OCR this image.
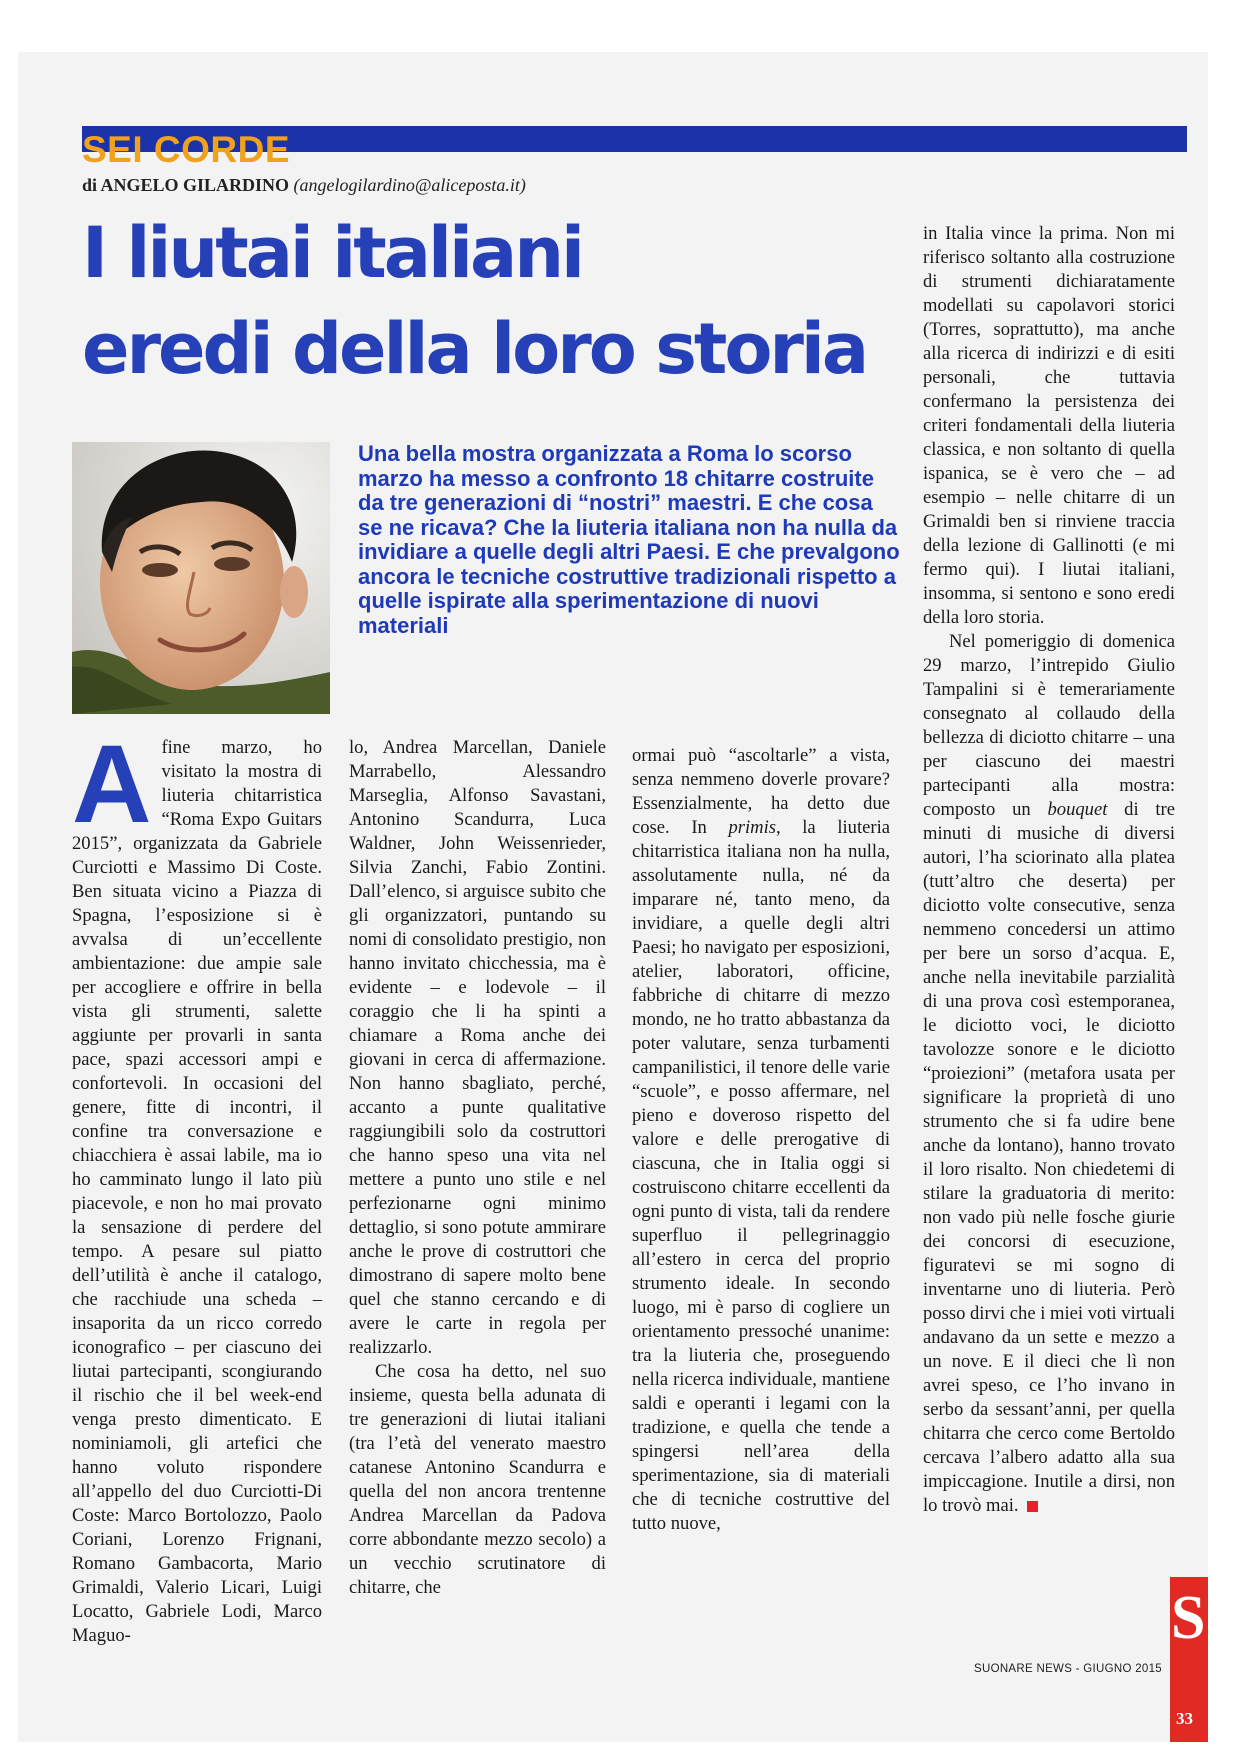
SEI CORDE
di ANGELO GILARDINO (angelogilardino@aliceposta.it)
I liutai italiani
eredi della loro storia
Una bella mostra organizzata a Roma lo scorso marzo ha messo a confronto 18 chitarre costruite da tre generazioni di “nostri” maestri. E che cosa se ne ricava? Che la liuteria italiana non ha nulla da invidiare a quelle degli altri Paesi. E che prevalgono ancora le tecniche costruttive tradizionali rispetto a quelle ispirate alla sperimentazione di nuovi materiali
A fine marzo, ho visitato la mostra di liuteria chitarristica “Roma Expo Guitars 2015”, organizzata da Gabriele Curciotti e Massimo Di Coste. Ben situata vicino a Piazza di Spagna, l’esposizione si è avvalsa di un’eccellente ambientazione: due ampie sale per accogliere e offrire in bella vista gli strumenti, salette aggiunte per provarli in santa pace, spazi accessori ampi e confortevoli. In occasioni del genere, fitte di incontri, il confine tra conversazione e chiacchiera è assai labile, ma io ho camminato lungo il lato più piacevole, e non ho mai provato la sensazione di perdere del tempo. A pesare sul piatto dell’utilità è anche il catalogo, che racchiude una scheda – insaporita da un ricco corredo iconografico – per ciascuno dei liutai partecipanti, scongiurando il rischio che il bel week-end venga presto dimenticato. E nominiamoli, gli artefici che hanno voluto rispondere all’appello del duo Curciotti-Di Coste: Marco Bortolozzo, Paolo Coriani, Lorenzo Frignani, Romano Gambacorta, Mario Grimaldi, Valerio Licari, Luigi Locatto, Gabriele Lodi, Marco Maguo-

lo, Andrea Marcellan, Daniele Marrabello, Alessandro Marseglia, Alfonso Savastani, Antonino Scandurra, Luca Waldner, John Weissenrieder, Silvia Zanchi, Fabio Zontini. Dall’elenco, si arguisce subito che gli organizzatori, puntando su nomi di consolidato prestigio, non hanno invitato chicchessia, ma è evidente – e lodevole – il coraggio che li ha spinti a chiamare a Roma anche dei giovani in cerca di affermazione. Non hanno sbagliato, perché, accanto a punte qualitative raggiungibili solo da costruttori che hanno speso una vita nel mettere a punto uno stile e nel perfezionarne ogni minimo dettaglio, si sono potute ammirare anche le prove di costruttori che dimostrano di sapere molto bene quel che stanno cercando e di avere le carte in regola per realizzarlo.

Che cosa ha detto, nel suo insieme, questa bella adunata di tre generazioni di liutai italiani (tra l’età del venerato maestro catanese Antonino Scandurra e quella del non ancora trentenne Andrea Marcellan da Padova corre abbondante mezzo secolo) a un vecchio scrutinatore di chitarre, che

ormai può “ascoltarle” a vista, senza nemmeno doverle provare? Essenzialmente, ha detto due cose. In primis, la liuteria chitarristica italiana non ha nulla, assolutamente nulla, né da imparare né, tanto meno, da invidiare, a quelle degli altri Paesi; ho navigato per esposizioni, atelier, laboratori, officine, fabbriche di chitarre di mezzo mondo, ne ho tratto abbastanza da poter valutare, senza turbamenti campanilistici, il tenore delle varie “scuole”, e posso affermare, nel pieno e doveroso rispetto del valore e delle prerogative di ciascuna, che in Italia oggi si costruiscono chitarre eccellenti da ogni punto di vista, tali da rendere superfluo il pellegrinaggio all’estero in cerca del proprio strumento ideale. In secondo luogo, mi è parso di cogliere un orientamento pressoché unanime: tra la liuteria che, proseguendo nella ricerca individuale, mantiene saldi e operanti i legami con la tradizione, e quella che tende a spingersi nell’area della sperimentazione, sia di materiali che di tecniche costruttive del tutto nuove,

in Italia vince la prima. Non mi riferisco soltanto alla costruzione di strumenti dichiaratamente modellati su capolavori storici (Torres, soprattutto), ma anche alla ricerca di indirizzi e di esiti personali, che tuttavia confermano la persistenza dei criteri fondamentali della liuteria classica, e non soltanto di quella ispanica, se è vero che – ad esempio – nelle chitarre di un Grimaldi ben si rinviene traccia della lezione di Gallinotti (e mi fermo qui). I liutai italiani, insomma, si sentono e sono eredi della loro storia.

Nel pomeriggio di domenica 29 marzo, l’intrepido Giulio Tampalini si è temerariamente consegnato al collaudo della bellezza di diciotto chitarre – una per ciascuno dei maestri partecipanti alla mostra: composto un bouquet di tre minuti di musiche di diversi autori, l’ha sciorinato alla platea (tutt’altro che deserta) per diciotto volte consecutive, senza nemmeno concedersi un attimo per bere un sorso d’acqua. E, anche nella inevitabile parzialità di una prova così estemporanea, le diciotto voci, le diciotto tavolozze sonore e le diciotto “proiezioni” (metafora usata per significare la proprietà di uno strumento che si fa udire bene anche da lontano), hanno trovato il loro risalto. Non chiedetemi di stilare la graduatoria di merito: non vado più nelle fosche giurie dei concorsi di esecuzione, figuratevi se mi sogno di inventarne uno di liuteria. Però posso dirvi che i miei voti virtuali andavano da un sette e mezzo a un nove. E il dieci che lì non avrei speso, ce l’ho invano in serbo da sessant’anni, per quella chitarra che cerco come Bertoldo cercava l’albero adatto alla sua impiccagione. Inutile a dirsi, non lo trovò mai.

SUONARE NEWS - GIUGNO 2015
S
33
